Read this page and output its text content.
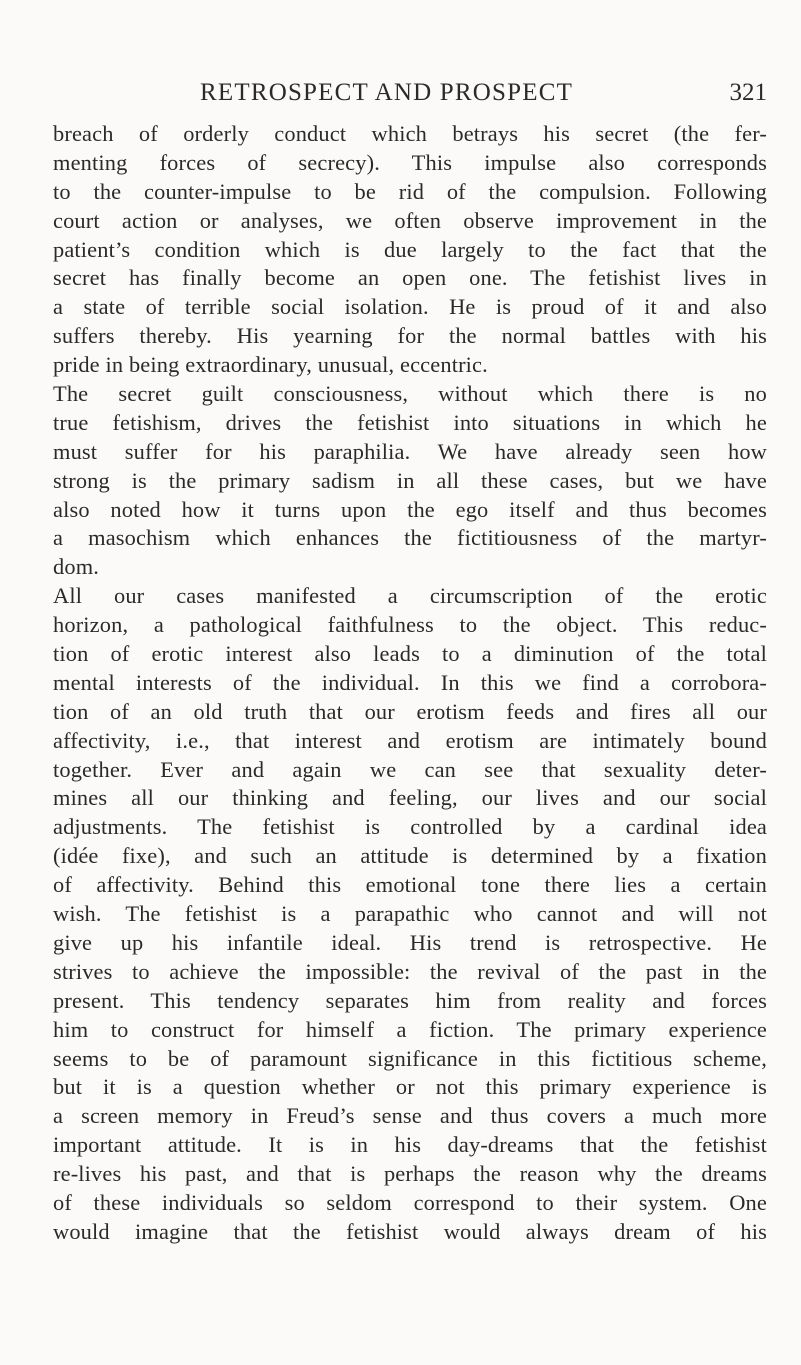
RETROSPECT AND PROSPECT	321
breach of orderly conduct which betrays his secret (the fer-
menting forces of secrecy). This impulse also corresponds
to the counter-impulse to be rid of the compulsion. Following
court action or analyses, we often observe improvement in the
patient’s condition which is due largely to the fact that the
secret has finally become an open one. The fetishist lives in
a state of terrible social isolation. He is proud of it and also
suffers thereby. His yearning for the normal battles with his
pride in being extraordinary, unusual, eccentric.
The secret guilt consciousness, without which there is no
true fetishism, drives the fetishist into situations in which he
must suffer for his paraphilia. We have already seen how
strong is the primary sadism in all these cases, but we have
also noted how it turns upon the ego itself and thus becomes
a masochism which enhances the fictitiousness of the martyr-
dom.
All our cases manifested a circumscription of the erotic
horizon, a pathological faithfulness to the object. This reduc-
tion of erotic interest also leads to a diminution of the total
mental interests of the individual. In this we find a corrobora-
tion of an old truth that our erotism feeds and fires all our
affectivity, i.e., that interest and erotism are intimately bound
together. Ever and again we can see that sexuality deter-
mines all our thinking and feeling, our lives and our social
adjustments. The fetishist is controlled by a cardinal idea
(idée fixe), and such an attitude is determined by a fixation
of affectivity. Behind this emotional tone there lies a certain
wish. The fetishist is a parapathic who cannot and will not
give up his infantile ideal. His trend is retrospective. He
strives to achieve the impossible: the revival of the past in the
present. This tendency separates him from reality and forces
him to construct for himself a fiction. The primary experience
seems to be of paramount significance in this fictitious scheme,
but it is a question whether or not this primary experience is
a screen memory in Freud’s sense and thus covers a much more
important attitude. It is in his day-dreams that the fetishist
re-lives his past, and that is perhaps the reason why the dreams
of these individuals so seldom correspond to their system. One
would imagine that the fetishist would always dream of his
